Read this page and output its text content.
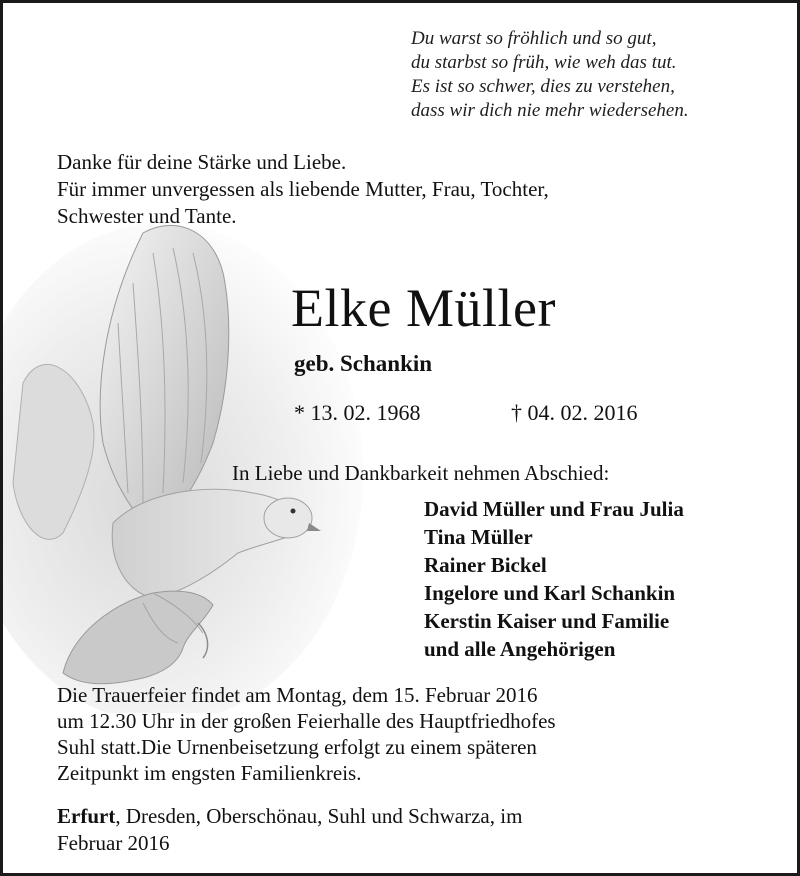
Du warst so fröhlich und so gut,
du starbst so früh, wie weh das tut.
Es ist so schwer, dies zu verstehen,
dass wir dich nie mehr wiedersehen.
Danke für deine Stärke und Liebe.
Für immer unvergessen als liebende Mutter, Frau, Tochter,
Schwester und Tante.
Elke Müller
geb. Schankin
* 13. 02. 1968	† 04. 02. 2016
In Liebe und Dankbarkeit nehmen Abschied:
David Müller und Frau Julia
Tina Müller
Rainer Bickel
Ingelore und Karl Schankin
Kerstin Kaiser und Familie
und alle Angehörigen
Die Trauerfeier findet am Montag, dem 15. Februar 2016
um 12.30 Uhr in der großen Feierhalle des Hauptfriedhofes
Suhl statt.Die Urnenbeisetzung erfolgt zu einem späteren
Zeitpunkt im engsten Familienkreis.
Erfurt, Dresden, Oberschönau, Suhl und Schwarza, im
Februar 2016
